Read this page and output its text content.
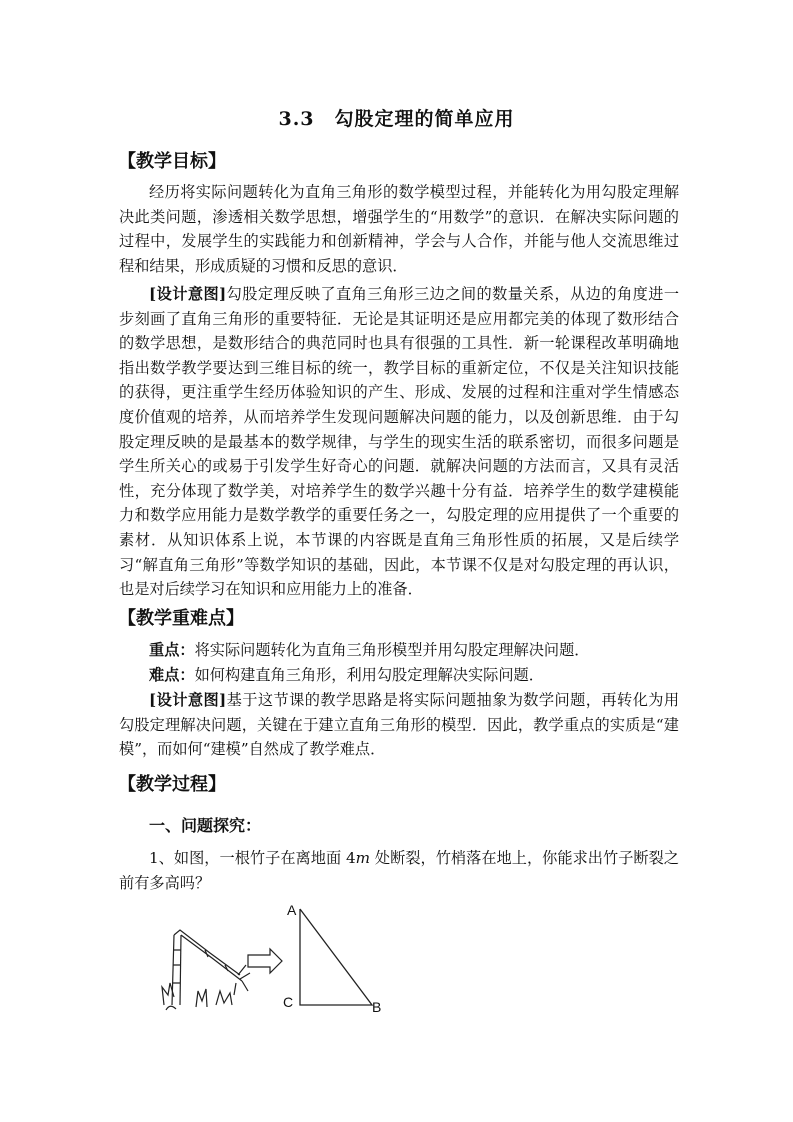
3.3　勾股定理的简单应用
【教学目标】
经历将实际问题转化为直角三角形的数学模型过程，并能转化为用勾股定理解决此类问题，渗透相关数学思想，增强学生的“用数学”的意识．在解决实际问题的过程中，发展学生的实践能力和创新精神，学会与人合作，并能与他人交流思维过程和结果，形成质疑的习惯和反思的意识．
[设计意图]勾股定理反映了直角三角形三边之间的数量关系，从边的角度进一步刻画了直角三角形的重要特征．无论是其证明还是应用都完美的体现了数形结合的数学思想，是数形结合的典范同时也具有很强的工具性．新一轮课程改革明确地指出数学教学要达到三维目标的统一，教学目标的重新定位，不仅是关注知识技能的获得，更注重学生经历体验知识的产生、形成、发展的过程和注重对学生情感态度价值观的培养，从而培养学生发现问题解决问题的能力，以及创新思维．由于勾股定理反映的是最基本的数学规律，与学生的现实生活的联系密切，而很多问题是学生所关心的或易于引发学生好奇心的问题．就解决问题的方法而言，又具有灵活性，充分体现了数学美，对培养学生的数学兴趣十分有益．培养学生的数学建模能力和数学应用能力是数学教学的重要任务之一，勾股定理的应用提供了一个重要的素材．从知识体系上说，本节课的内容既是直角三角形性质的拓展，又是后续学习“解直角三角形”等数学知识的基础，因此，本节课不仅是对勾股定理的再认识，也是对后续学习在知识和应用能力上的准备．
【教学重难点】
重点：将实际问题转化为直角三角形模型并用勾股定理解决问题．
难点：如何构建直角三角形，利用勾股定理解决实际问题．
[设计意图]基于这节课的教学思路是将实际问题抽象为数学问题，再转化为用勾股定理解决问题，关键在于建立直角三角形的模型．因此，教学重点的实质是“建模”，而如何“建模”自然成了教学难点．
【教学过程】
一、问题探究：
1、如图，一根竹子在离地面 4m 处断裂，竹梢落在地上，你能求出竹子断裂之前有多高吗？
A
C	B
